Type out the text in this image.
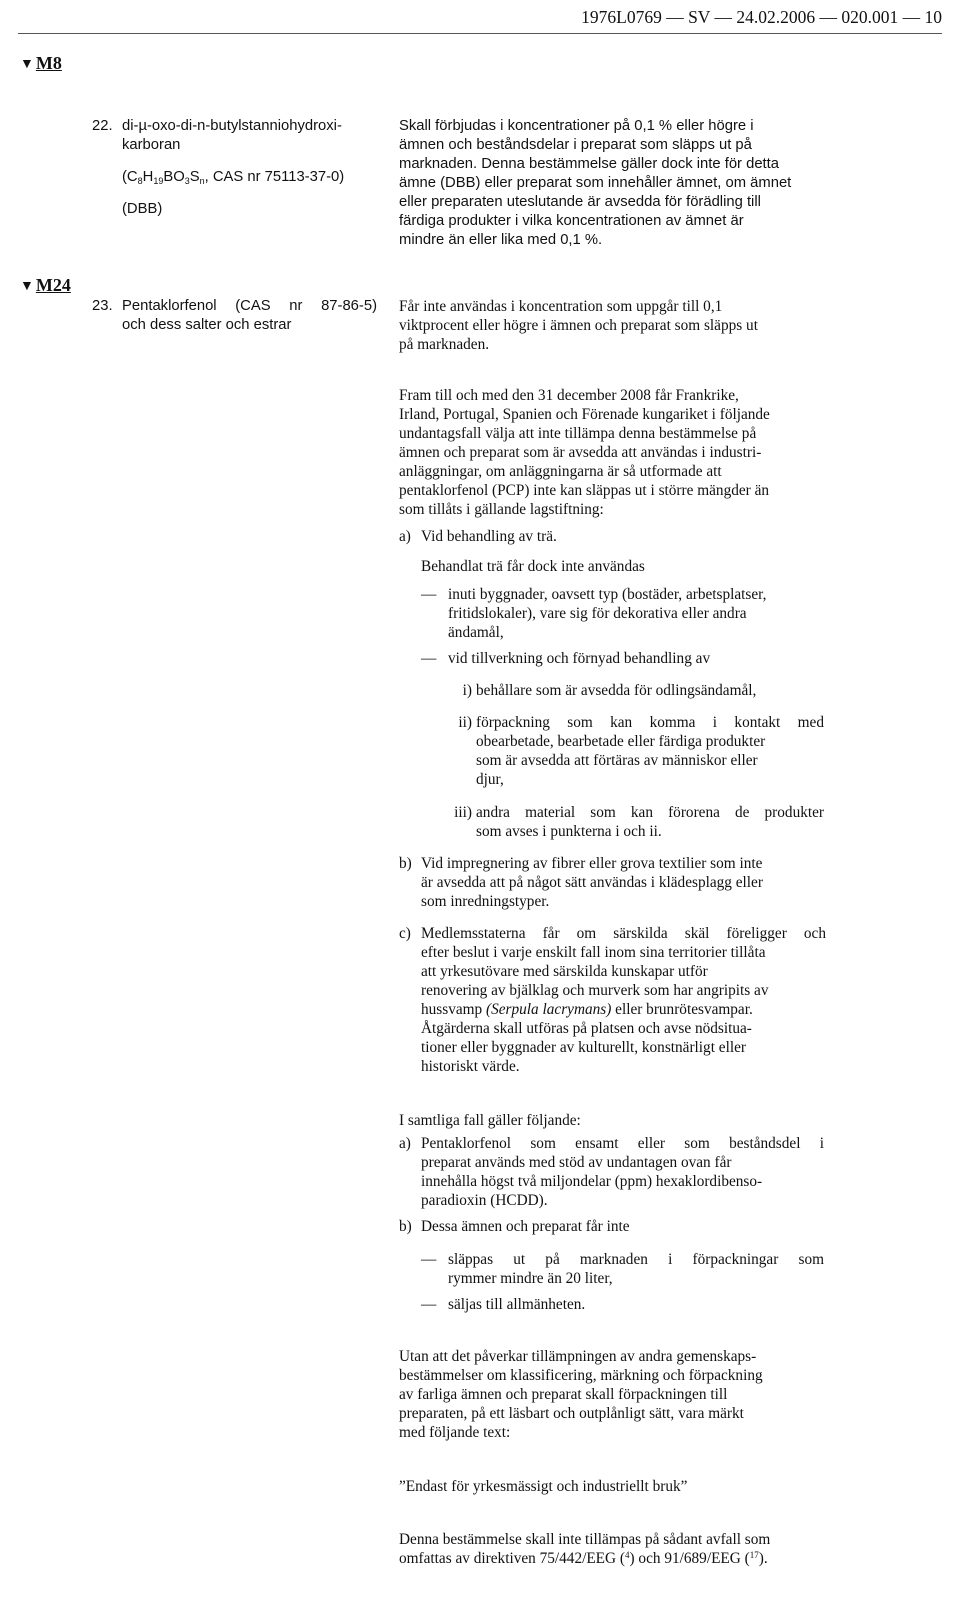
1976L0769 — SV — 24.02.2006 — 020.001 — 10
▼ M8
22. di-µ-oxo-di-n-butylstanniohydroxi-
karboran
($C_8H_{19}BO_3S_n$, CAS nr 75113-37-0)
(DBB)
Skall förbjudas i koncentrationer på 0,1 % eller högre i
ämnen och beståndsdelar i preparat som släpps ut på
marknaden. Denna bestämmelse gäller dock inte för detta
ämne (DBB) eller preparat som innehåller ämnet, om ämnet
eller preparaten uteslutande är avsedda för förädling till
färdiga produkter i vilka koncentrationen av ämnet är
mindre än eller lika med 0,1 %.
▼ M24
23. Pentaklorfenol (CAS nr 87-86-5)
och dess salter och estrar
Får inte användas i koncentration som uppgår till 0,1
viktprocent eller högre i ämnen och preparat som släpps ut
på marknaden.
Fram till och med den 31 december 2008 får Frankrike,
Irland, Portugal, Spanien och Förenade kungariket i följande
undantagsfall välja att inte tillämpa denna bestämmelse på
ämnen och preparat som är avsedda att användas i industri-
anläggningar, om anläggningarna är så utformade att
pentaklorfenol (PCP) inte kan släppas ut i större mängder än
som tillåts i gällande lagstiftning:
a) Vid behandling av trä.
Behandlat trä får dock inte användas
— inuti byggnader, oavsett typ (bostäder, arbetsplatser,
fritidslokaler), vare sig för dekorativa eller andra
ändamål,
— vid tillverkning och förnyad behandling av
i) behållare som är avsedda för odlingsändamål,
ii) förpackning som kan komma i kontakt med
obearbetade, bearbetade eller färdiga produkter
som är avsedda att förtäras av människor eller
djur,
iii) andra material som kan förorena de produkter
som avses i punkterna i och ii.
b) Vid impregnering av fibrer eller grova textilier som inte
är avsedda att på något sätt användas i klädesplagg eller
som inredningstyper.
c) Medlemsstaterna får om särskilda skäl föreligger och
efter beslut i varje enskilt fall inom sina territorier tillåta
att yrkesutövare med särskilda kunskapar utför
renovering av bjälklag och murverk som har angripits av
hussvamp (Serpula lacrymans) eller brunrötesvampar.
Åtgärderna skall utföras på platsen och avse nödsitua-
tioner eller byggnader av kulturellt, konstnärligt eller
historiskt värde.
I samtliga fall gäller följande:
a) Pentaklorfenol som ensamt eller som beståndsdel i
preparat används med stöd av undantagen ovan får
innehålla högst två miljondelar (ppm) hexaklordibenso-
paradioxin (HCDD).
b) Dessa ämnen och preparat får inte
— släppas ut på marknaden i förpackningar som
rymmer mindre än 20 liter,
— säljas till allmänheten.
Utan att det påverkar tillämpningen av andra gemenskaps-
bestämmelser om klassificering, märkning och förpackning
av farliga ämnen och preparat skall förpackningen till
preparaten, på ett läsbart och outplånligt sätt, vara märkt
med följande text:
”Endast för yrkesmässigt och industriellt bruk”
Denna bestämmelse skall inte tillämpas på sådant avfall som
omfattas av direktiven 75/442/EEG ($^4$) och 91/689/EEG ($^{17}$).
